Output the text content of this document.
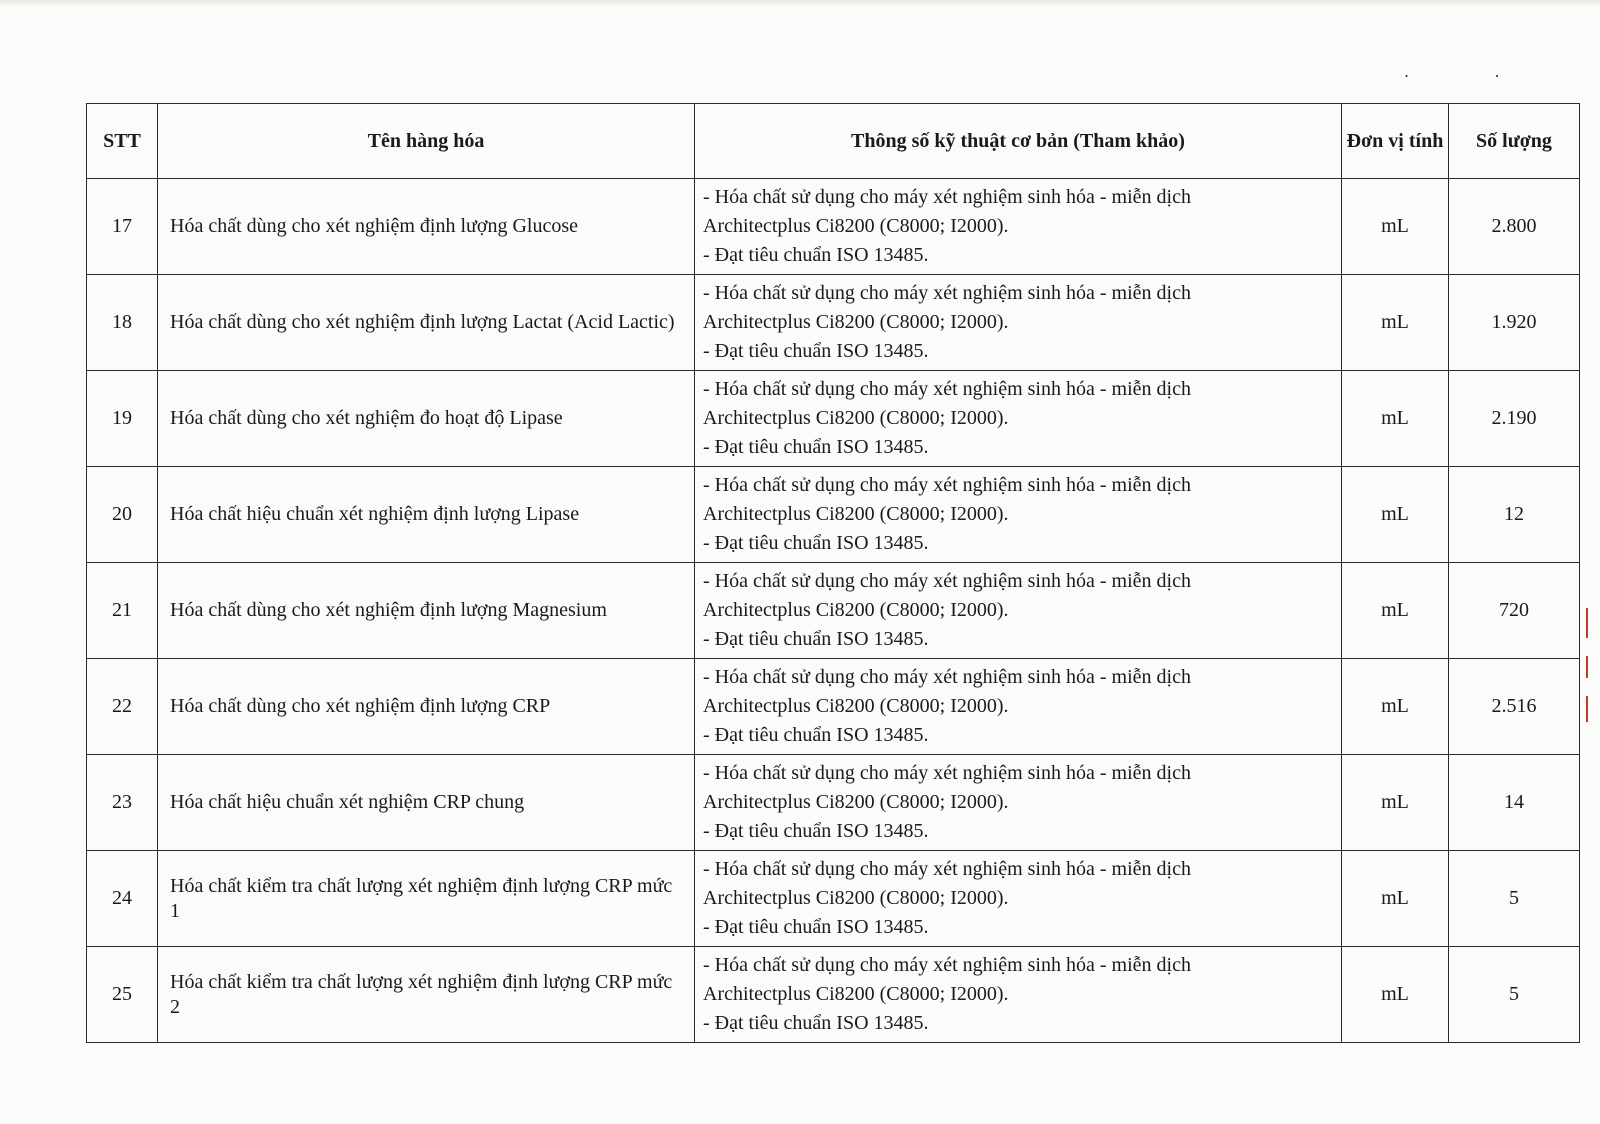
· ·
STT	Tên hàng hóa	Thông số kỹ thuật cơ bản (Tham khảo)	Đơn vị tính	Số lượng
17	Hóa chất dùng cho xét nghiệm định lượng Glucose	- Hóa chất sử dụng cho máy xét nghiệm sinh hóa - miễn dịch
Architectplus Ci8200 (C8000; I2000).
- Đạt tiêu chuẩn ISO 13485.	mL	2.800
18	Hóa chất dùng cho xét nghiệm định lượng Lactat (Acid Lactic)	- Hóa chất sử dụng cho máy xét nghiệm sinh hóa - miễn dịch
Architectplus Ci8200 (C8000; I2000).
- Đạt tiêu chuẩn ISO 13485.	mL	1.920
19	Hóa chất dùng cho xét nghiệm đo hoạt độ Lipase	- Hóa chất sử dụng cho máy xét nghiệm sinh hóa - miễn dịch
Architectplus Ci8200 (C8000; I2000).
- Đạt tiêu chuẩn ISO 13485.	mL	2.190
20	Hóa chất hiệu chuẩn xét nghiệm định lượng Lipase	- Hóa chất sử dụng cho máy xét nghiệm sinh hóa - miễn dịch
Architectplus Ci8200 (C8000; I2000).
- Đạt tiêu chuẩn ISO 13485.	mL	12
21	Hóa chất dùng cho xét nghiệm định lượng Magnesium	- Hóa chất sử dụng cho máy xét nghiệm sinh hóa - miễn dịch
Architectplus Ci8200 (C8000; I2000).
- Đạt tiêu chuẩn ISO 13485.	mL	720
22	Hóa chất dùng cho xét nghiệm định lượng CRP	- Hóa chất sử dụng cho máy xét nghiệm sinh hóa - miễn dịch
Architectplus Ci8200 (C8000; I2000).
- Đạt tiêu chuẩn ISO 13485.	mL	2.516
23	Hóa chất hiệu chuẩn xét nghiệm CRP chung	- Hóa chất sử dụng cho máy xét nghiệm sinh hóa - miễn dịch
Architectplus Ci8200 (C8000; I2000).
- Đạt tiêu chuẩn ISO 13485.	mL	14
24	Hóa chất kiểm tra chất lượng xét nghiệm định lượng CRP mức 1	- Hóa chất sử dụng cho máy xét nghiệm sinh hóa - miễn dịch
Architectplus Ci8200 (C8000; I2000).
- Đạt tiêu chuẩn ISO 13485.	mL	5
25	Hóa chất kiểm tra chất lượng xét nghiệm định lượng CRP mức 2	- Hóa chất sử dụng cho máy xét nghiệm sinh hóa - miễn dịch
Architectplus Ci8200 (C8000; I2000).
- Đạt tiêu chuẩn ISO 13485.	mL	5
